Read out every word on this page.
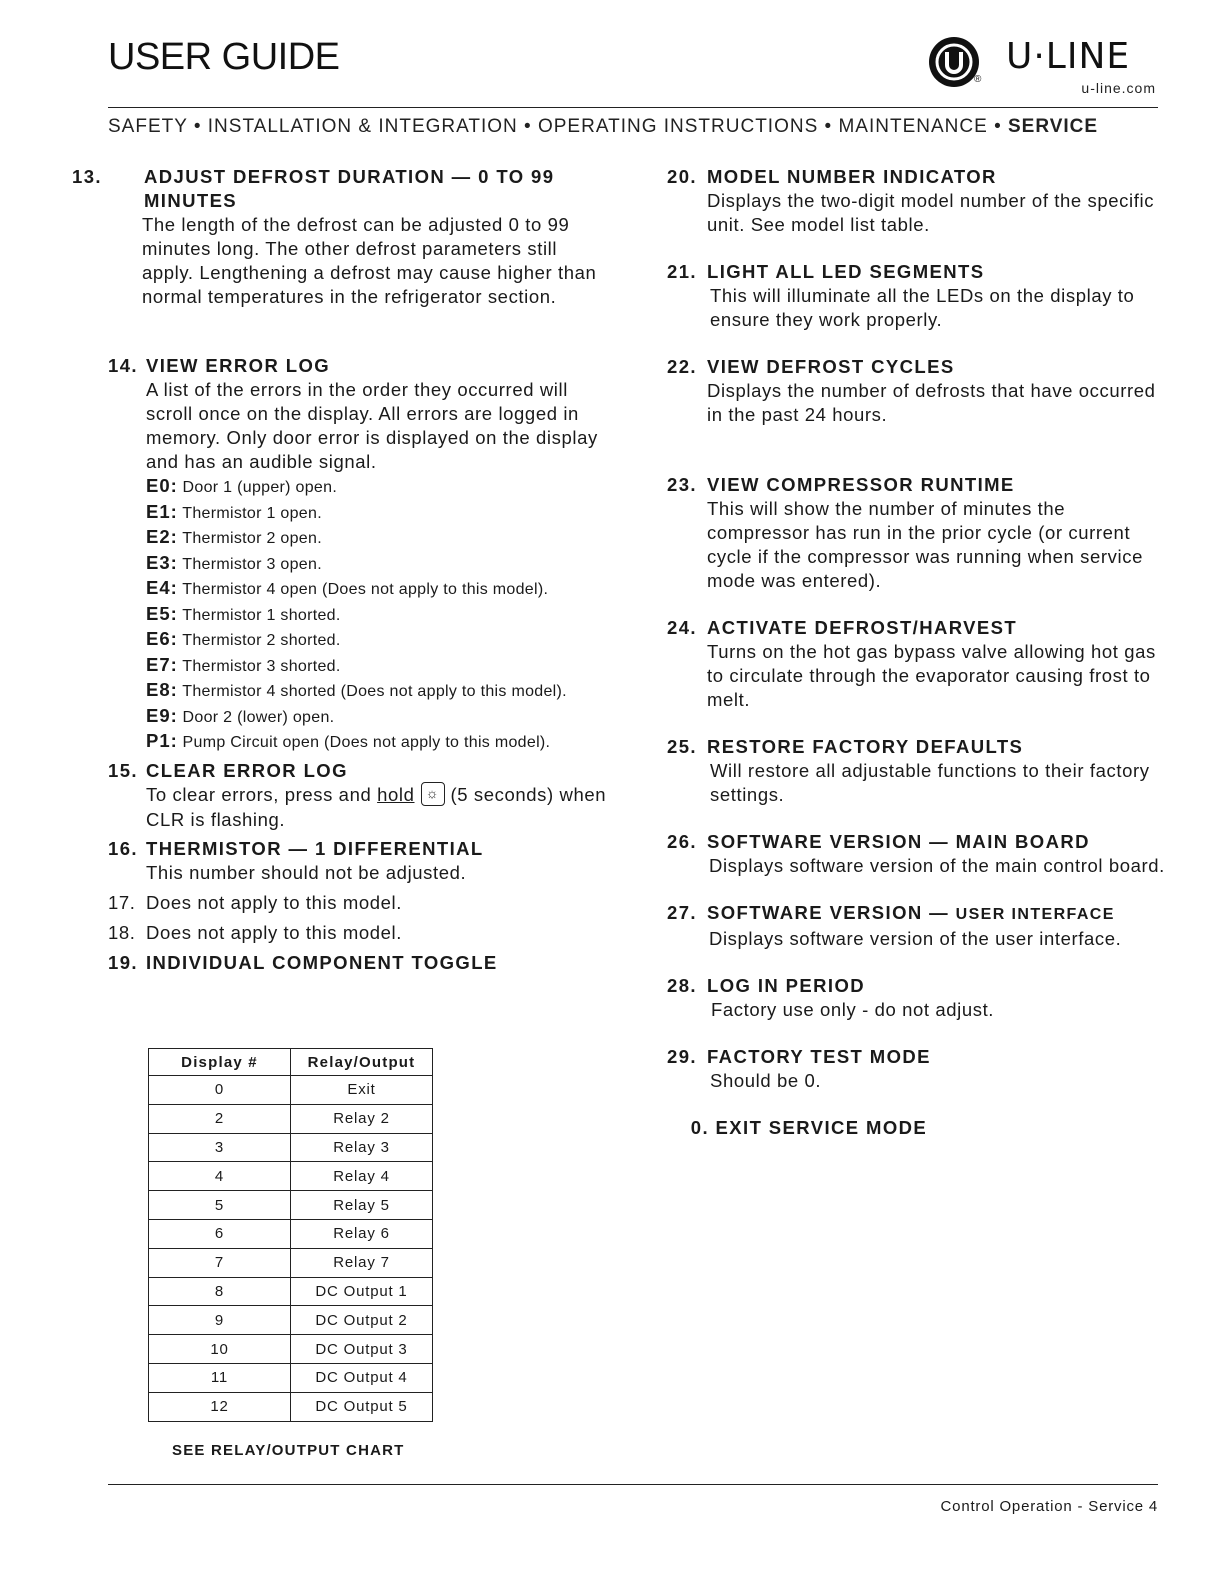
USER GUIDE
®
U·LINE
u-line.com
SAFETY • INSTALLATION & INTEGRATION • OPERATING INSTRUCTIONS • MAINTENANCE • SERVICE
13. ADJUST DEFROST DURATION — 0 TO 99 MINUTES
The length of the defrost can be adjusted 0 to 99 minutes long. The other defrost parameters still apply. Lengthening a defrost may cause higher than normal temperatures in the refrigerator section.
14. VIEW ERROR LOG
A list of the errors in the order they occurred will scroll once on the display. All errors are logged in memory. Only door error is displayed on the display and has an audible signal.
E0: Door 1 (upper) open.
E1: Thermistor 1 open.
E2: Thermistor 2 open.
E3: Thermistor 3 open.
E4: Thermistor 4 open (Does not apply to this model).
E5: Thermistor 1 shorted.
E6: Thermistor 2 shorted.
E7: Thermistor 3 shorted.
E8: Thermistor 4 shorted (Does not apply to this model).
E9: Door 2 (lower) open.
P1: Pump Circuit open (Does not apply to this model).
15. CLEAR ERROR LOG
To clear errors, press and hold ☼ (5 seconds) when CLR is flashing.
16. THERMISTOR — 1 DIFFERENTIAL
This number should not be adjusted.
17. Does not apply to this model.
18. Does not apply to this model.
19. INDIVIDUAL COMPONENT TOGGLE
Display #	Relay/Output
0	Exit
2	Relay 2
3	Relay 3
4	Relay 4
5	Relay 5
6	Relay 6
7	Relay 7
8	DC Output 1
9	DC Output 2
10	DC Output 3
11	DC Output 4
12	DC Output 5
SEE RELAY/OUTPUT CHART
20. MODEL NUMBER INDICATOR
Displays the two-digit model number of the specific unit. See model list table.
21. LIGHT ALL LED SEGMENTS
This will illuminate all the LEDs on the display to ensure they work properly.
22. VIEW DEFROST CYCLES
Displays the number of defrosts that have occurred in the past 24 hours.
23. VIEW COMPRESSOR RUNTIME
This will show the number of minutes the compressor has run in the prior cycle (or current cycle if the compressor was running when service mode was entered).
24. ACTIVATE DEFROST/HARVEST
Turns on the hot gas bypass valve allowing hot gas to circulate through the evaporator causing frost to melt.
25. RESTORE FACTORY DEFAULTS
Will restore all adjustable functions to their factory settings.
26. SOFTWARE VERSION — MAIN BOARD
Displays software version of the main control board.
27. SOFTWARE VERSION — USER INTERFACE
Displays software version of the user interface.
28. LOG IN PERIOD
Factory use only - do not adjust.
29. FACTORY TEST MODE
Should be 0.
0. EXIT SERVICE MODE
Control Operation - Service 4
